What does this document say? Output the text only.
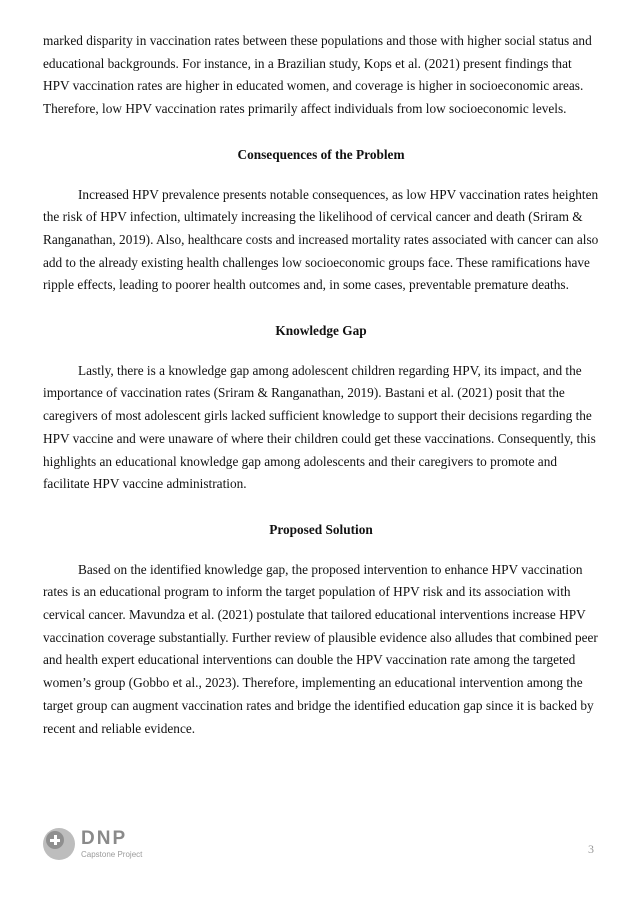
marked disparity in vaccination rates between these populations and those with higher social status and educational backgrounds. For instance, in a Brazilian study, Kops et al. (2021) present findings that HPV vaccination rates are higher in educated women, and coverage is higher in socioeconomic areas. Therefore, low HPV vaccination rates primarily affect individuals from low socioeconomic levels.

Consequences of the Problem

Increased HPV prevalence presents notable consequences, as low HPV vaccination rates heighten the risk of HPV infection, ultimately increasing the likelihood of cervical cancer and death (Sriram & Ranganathan, 2019). Also, healthcare costs and increased mortality rates associated with cancer can also add to the already existing health challenges low socioeconomic groups face. These ramifications have ripple effects, leading to poorer health outcomes and, in some cases, preventable premature deaths.

Knowledge Gap

Lastly, there is a knowledge gap among adolescent children regarding HPV, its impact, and the importance of vaccination rates (Sriram & Ranganathan, 2019). Bastani et al. (2021) posit that the caregivers of most adolescent girls lacked sufficient knowledge to support their decisions regarding the HPV vaccine and were unaware of where their children could get these vaccinations. Consequently, this highlights an educational knowledge gap among adolescents and their caregivers to promote and facilitate HPV vaccine administration.

Proposed Solution

Based on the identified knowledge gap, the proposed intervention to enhance HPV vaccination rates is an educational program to inform the target population of HPV risk and its association with cervical cancer. Mavundza et al. (2021) postulate that tailored educational interventions increase HPV vaccination coverage substantially. Further review of plausible evidence also alludes that combined peer and health expert educational interventions can double the HPV vaccination rate among the targeted women’s group (Gobbo et al., 2023). Therefore, implementing an educational intervention among the target group can augment vaccination rates and bridge the identified education gap since it is backed by recent and reliable evidence.

DNP
Capstone Project	3
